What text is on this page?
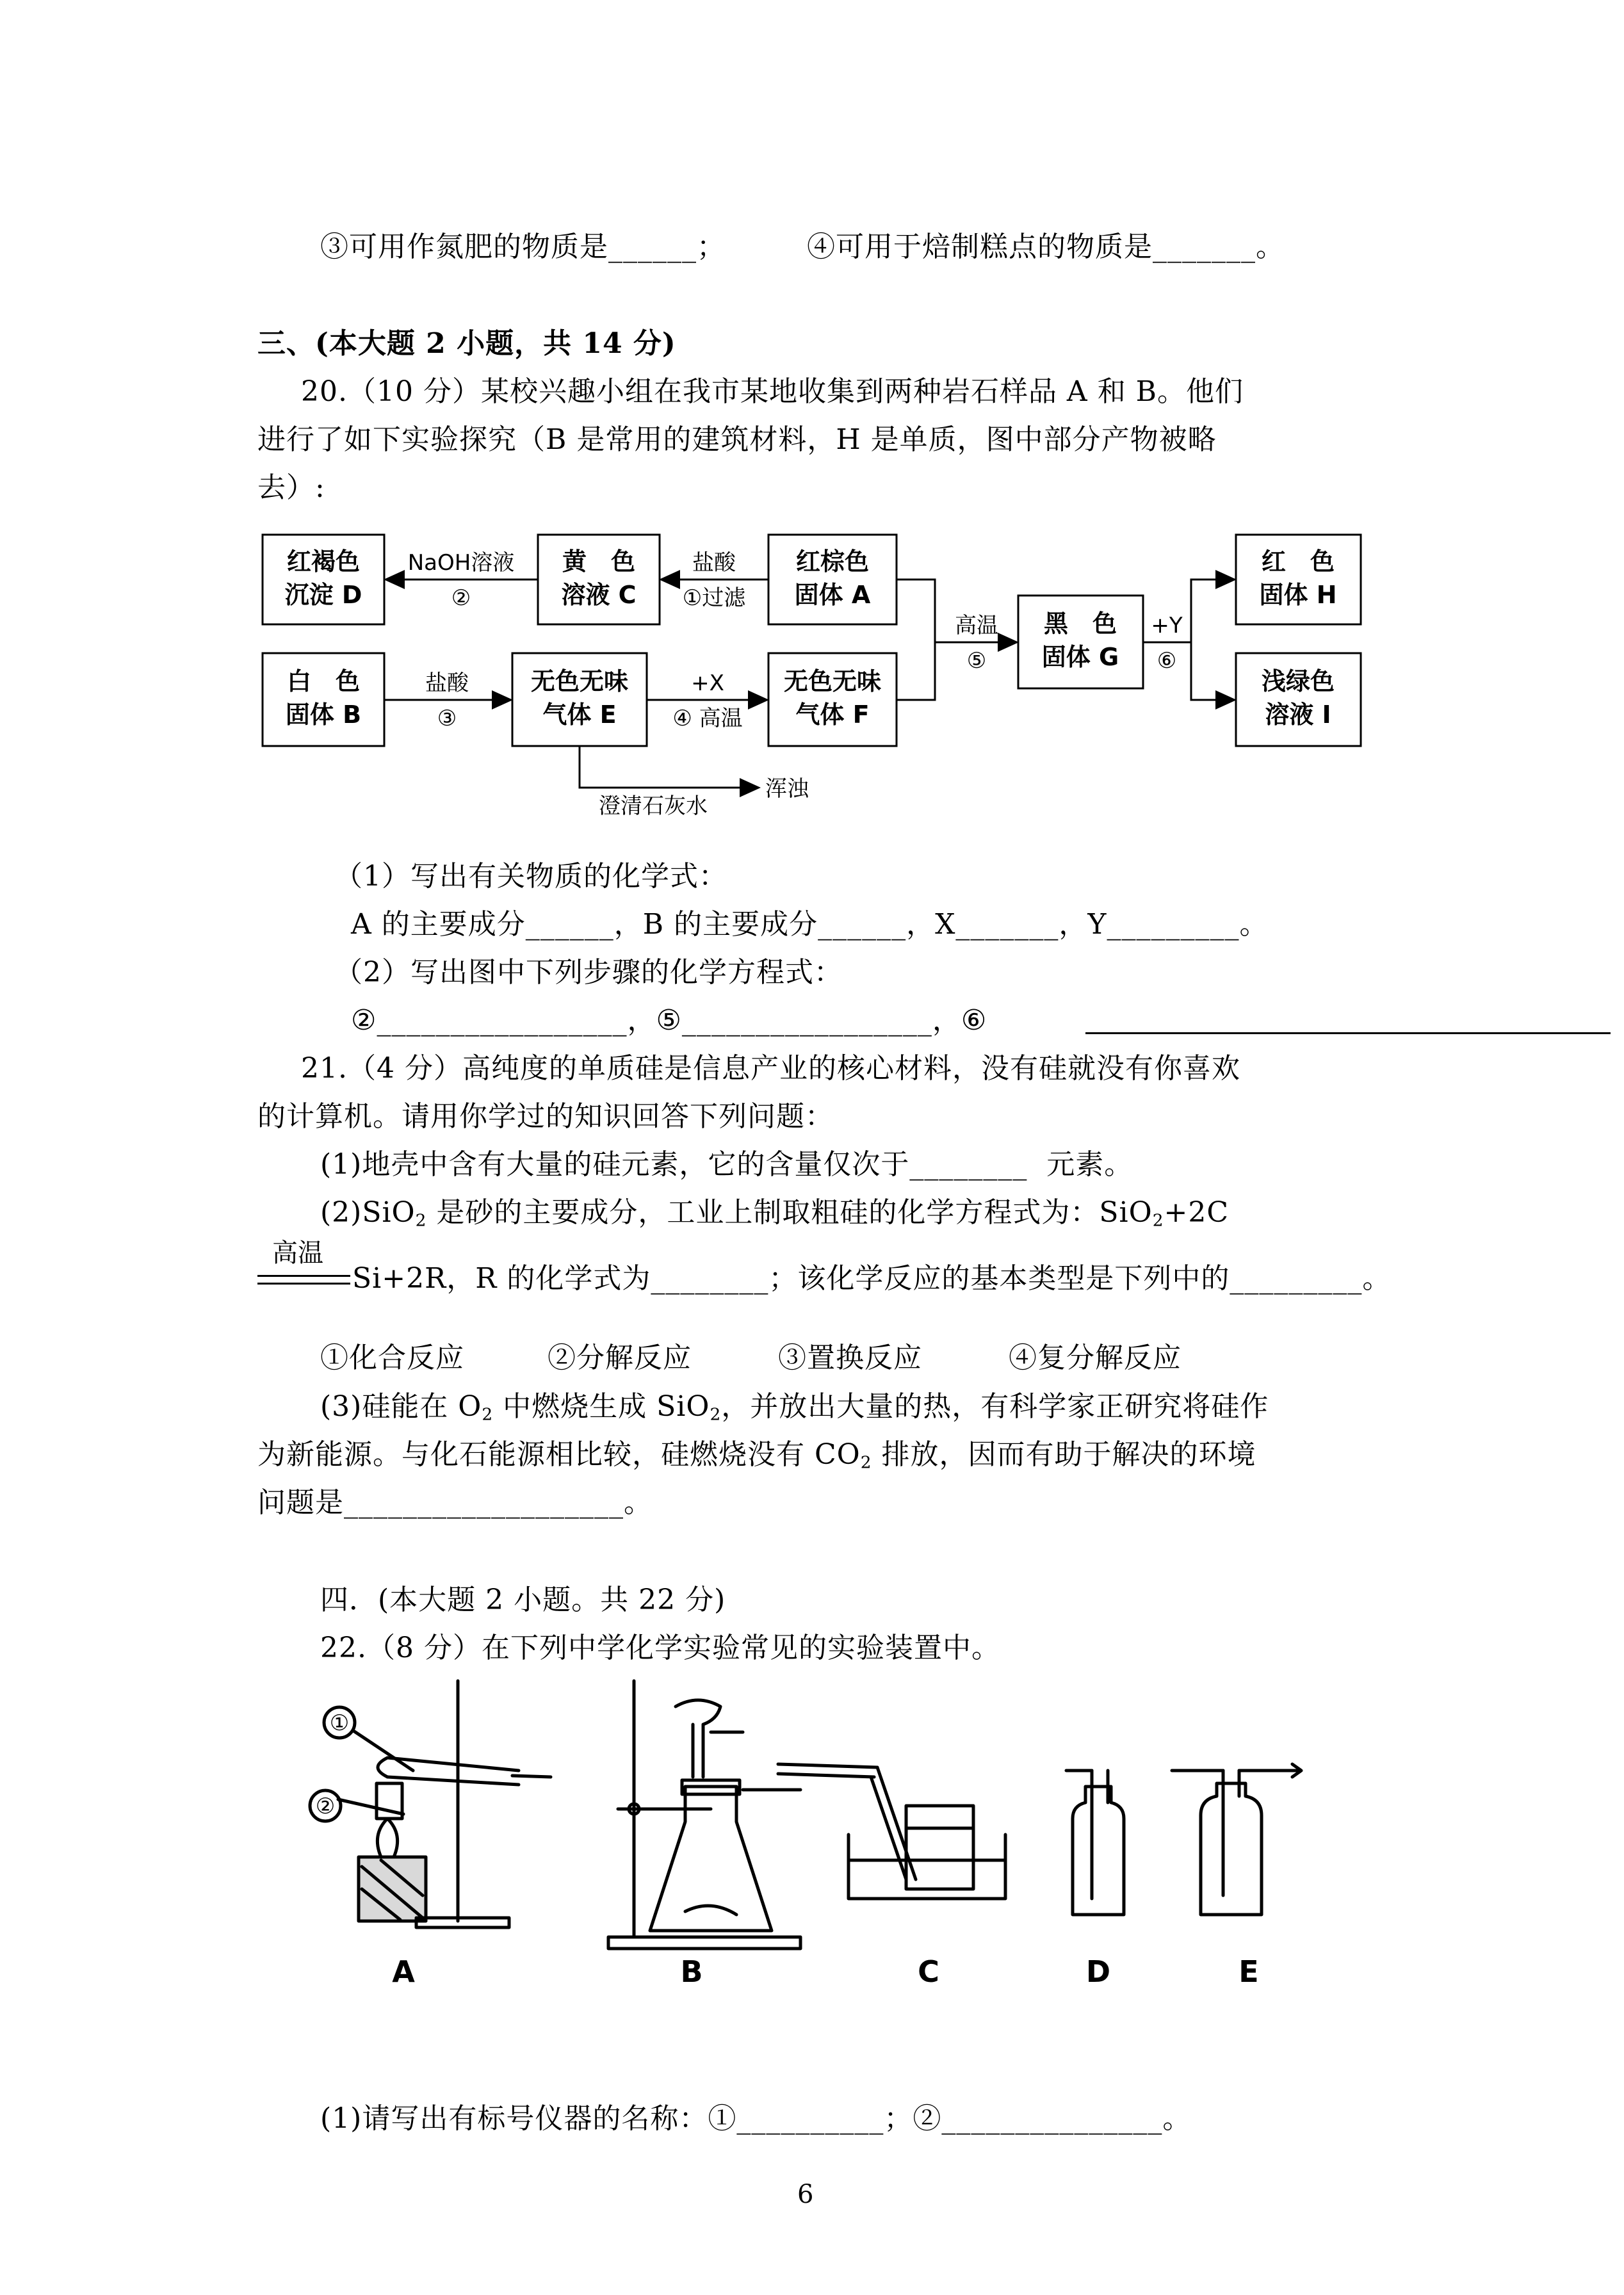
③可用作氮肥的物质是______；	④可用于焙制糕点的物质是_______。
三、(本大题 2 小题，共 14 分)
20.（10 分）某校兴趣小组在我市某地收集到两种岩石样品 A 和 B。他们
进行了如下实验探究（B 是常用的建筑材料，H 是单质，图中部分产物被略
去）:
红褐色
沉淀 D
黄　色
溶液 C
红棕色
固体 A
白　色
固体 B
无色无味
气体 E
无色无味
气体 F
黑　色
固体 G
红　色
固体 H
浅绿色
溶液 I
NaOH溶液
②
盐酸
①过滤
盐酸
③
+X
④ 高温
高温
⑤
+Y
⑥
澄清石灰水
浑浊
（1）写出有关物质的化学式：
A 的主要成分______，B 的主要成分______，X_______，Y_________。
（2）写出图中下列步骤的化学方程式：
②_________________，⑤_________________，⑥
21.（4 分）高纯度的单质硅是信息产业的核心材料，没有硅就没有你喜欢
的计算机。请用你学过的知识回答下列问题：
(1)地壳中含有大量的硅元素，它的含量仅次于________  元素。
(2)SiO$_2$ 是砂的主要成分，工业上制取粗硅的化学方程式为：SiO$_2$+2C
高温
Si+2R，R 的化学式为________；该化学反应的基本类型是下列中的_________。
①化合反应	②分解反应	③置换反应	④复分解反应
(3)硅能在 $O_2$ 中燃烧生成 SiO$_2$，并放出大量的热，有科学家正研究将硅作
为新能源。与化石能源相比较，硅燃烧没有 $CO_2$ 排放，因而有助于解决的环境
问题是___________________。
四．(本大题 2 小题。共 22 分)
22.（8 分）在下列中学化学实验常见的实验装置中。
①
②
A	B	C	D	E
(1)请写出有标号仪器的名称：①__________；②_______________。
6
